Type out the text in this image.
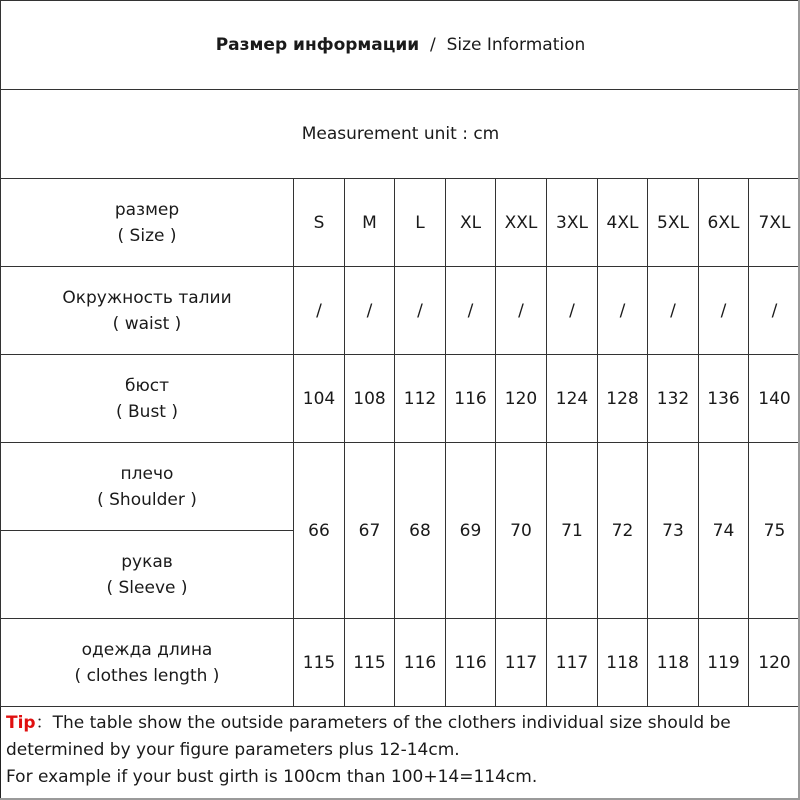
Размер информации  /  Size Information										
Measurement unit : cm										

размер
( Size )	S	M	L	XL	XXL	3XL	4XL	5XL	6XL	7XL

Окружность талии
( waist )	/	/	/	/	/	/	/	/	/	/

бюст
( Bust )	104	108	112	116	120	124	128	132	136	140

плечо
( Shoulder )	66	67	68	69	70	71	72	73	74	75

рукав
( Sleeve )										

одежда длина
( clothes length )	115	115	116	116	117	117	118	118	119	120
Tip：The table show the outside parameters of the clothers individual size should be
determined by your figure parameters plus 12-14cm.
For example if your bust girth is 100cm than 100+14=114cm.
